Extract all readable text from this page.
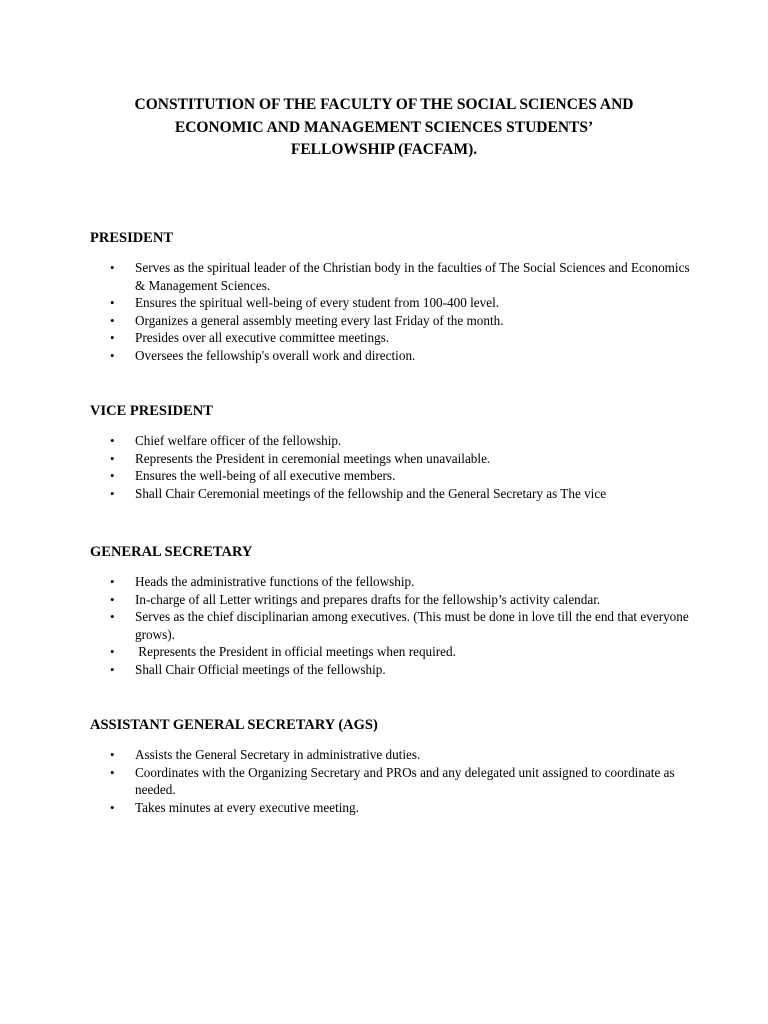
CONSTITUTION OF THE FACULTY OF THE SOCIAL SCIENCES AND
ECONOMIC AND MANAGEMENT SCIENCES STUDENTS’
FELLOWSHIP (FACFAM).
PRESIDENT
• Serves as the spiritual leader of the Christian body in the faculties of The Social Sciences and Economics & Management Sciences.
• Ensures the spiritual well-being of every student from 100-400 level.
• Organizes a general assembly meeting every last Friday of the month.
• Presides over all executive committee meetings.
• Oversees the fellowship's overall work and direction.
VICE PRESIDENT
• Chief welfare officer of the fellowship.
• Represents the President in ceremonial meetings when unavailable.
• Ensures the well-being of all executive members.
• Shall Chair Ceremonial meetings of the fellowship and the General Secretary as The vice
GENERAL SECRETARY
• Heads the administrative functions of the fellowship.
• In-charge of all Letter writings and prepares drafts for the fellowship’s activity calendar.
• Serves as the chief disciplinarian among executives. (This must be done in love till the end that everyone grows).
• Represents the President in official meetings when required.
• Shall Chair Official meetings of the fellowship.
ASSISTANT GENERAL SECRETARY (AGS)
• Assists the General Secretary in administrative duties.
• Coordinates with the Organizing Secretary and PROs and any delegated unit assigned to coordinate as needed.
• Takes minutes at every executive meeting.
